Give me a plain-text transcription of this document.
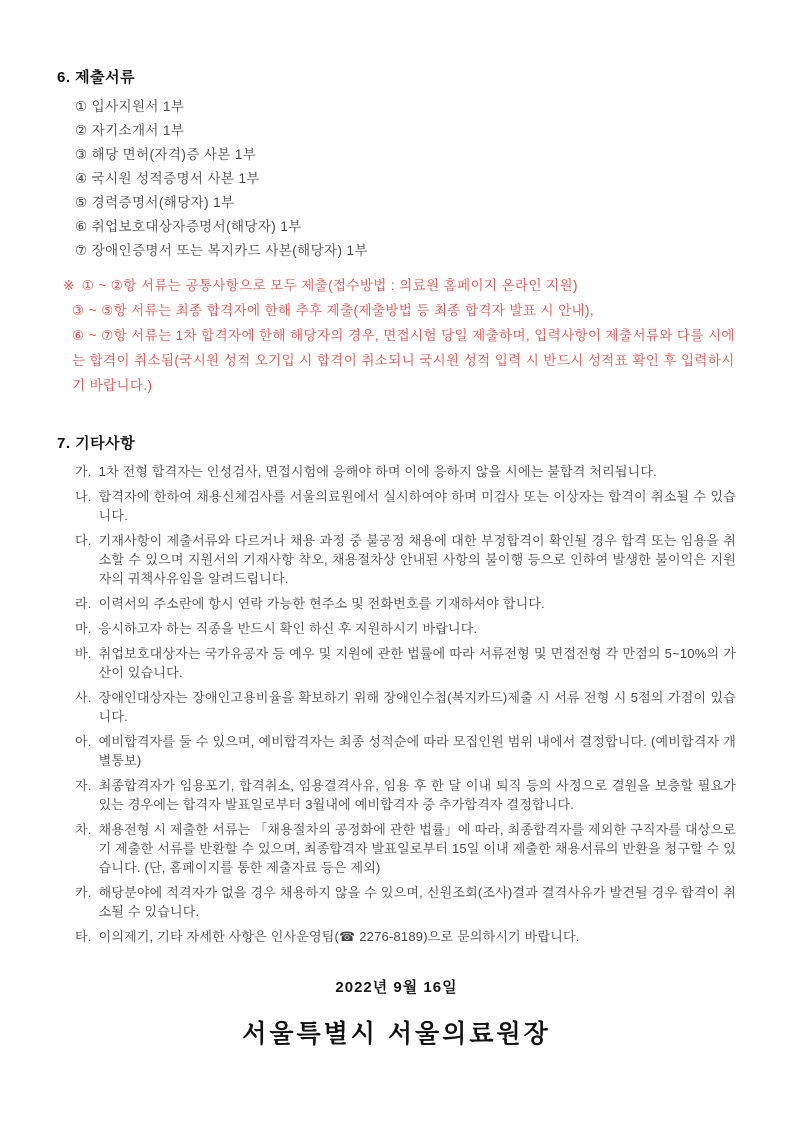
6. 제출서류
① 입사지원서 1부
② 자기소개서 1부
③ 해당 면허(자격)증 사본 1부
④ 국시원 성적증명서 사본 1부
⑤ 경력증명서(해당자) 1부
⑥ 취업보호대상자증명서(해당자) 1부
⑦ 장애인증명서 또는 복지카드 사본(해당자) 1부
※ ① ~ ②항 서류는 공통사항으로 모두 제출(접수방법 : 의료원 홈페이지 온라인 지원)
③ ~ ⑤항 서류는 최종 합격자에 한해 추후 제출(제출방법 등 최종 합격자 발표 시 안내),
⑥ ~ ⑦항 서류는 1차 합격자에 한해 해당자의 경우, 면접시험 당일 제출하며, 입력사항이 제출서류와 다를 시에는 합격이 취소됨(국시원 성적 오기입 시 합격이 취소되니 국시원 성적 입력 시 반드시 성적표 확인 후 입력하시기 바랍니다.)
7. 기타사항
가. 1차 전형 합격자는 인성검사, 면접시험에 응해야 하며 이에 응하지 않을 시에는 불합격 처리됩니다.
나. 합격자에 한하여 채용신체검사를 서울의료원에서 실시하여야 하며 미검사 또는 이상자는 합격이 취소될 수 있습니다.
다. 기재사항이 제출서류와 다르거나 채용 과정 중 불공정 채용에 대한 부정합격이 확인될 경우 합격 또는 임용을 취소할 수 있으며 지원서의 기재사항 착오, 채용절차상 안내된 사항의 불이행 등으로 인하여 발생한 불이익은 지원자의 귀책사유임을 알려드립니다.
라. 이력서의 주소란에 항시 연락 가능한 현주소 및 전화번호를 기재하셔야 합니다.
마. 응시하고자 하는 직종을 반드시 확인 하신 후 지원하시기 바랍니다.
바. 취업보호대상자는 국가유공자 등 예우 및 지원에 관한 법률에 따라 서류전형 및 면접전형 각 만점의 5~10%의 가산이 있습니다.
사. 장애인대상자는 장애인고용비율을 확보하기 위해 장애인수첩(복지카드)제출 시 서류 전형 시 5점의 가점이 있습니다.
아. 예비합격자를 둘 수 있으며, 예비합격자는 최종 성적순에 따라 모집인원 범위 내에서 결정합니다. (예비합격자 개별통보)
자. 최종합격자가 임용포기, 합격취소, 임용결격사유, 임용 후 한 달 이내 퇴직 등의 사정으로 결원을 보충할 필요가 있는 경우에는 합격자 발표일로부터 3월내에 예비합격자 중 추가합격자 결정합니다.
차. 채용전형 시 제출한 서류는 「채용절차의 공정화에 관한 법률」에 따라, 최종합격자를 제외한 구직자를 대상으로 기 제출한 서류를 반환할 수 있으며, 최종합격자 발표일로부터 15일 이내 제출한 채용서류의 반환을 청구할 수 있습니다. (단, 홈페이지를 통한 제출자료 등은 제외)
카. 해당분야에 적격자가 없을 경우 채용하지 않을 수 있으며, 신원조회(조사)결과 결격사유가 발견될 경우 합격이 취소될 수 있습니다.
타. 이의제기, 기타 자세한 사항은 인사운영팀(☎ 2276-8189)으로 문의하시기 바랍니다.
2022년 9월 16일
서울특별시 서울의료원장
